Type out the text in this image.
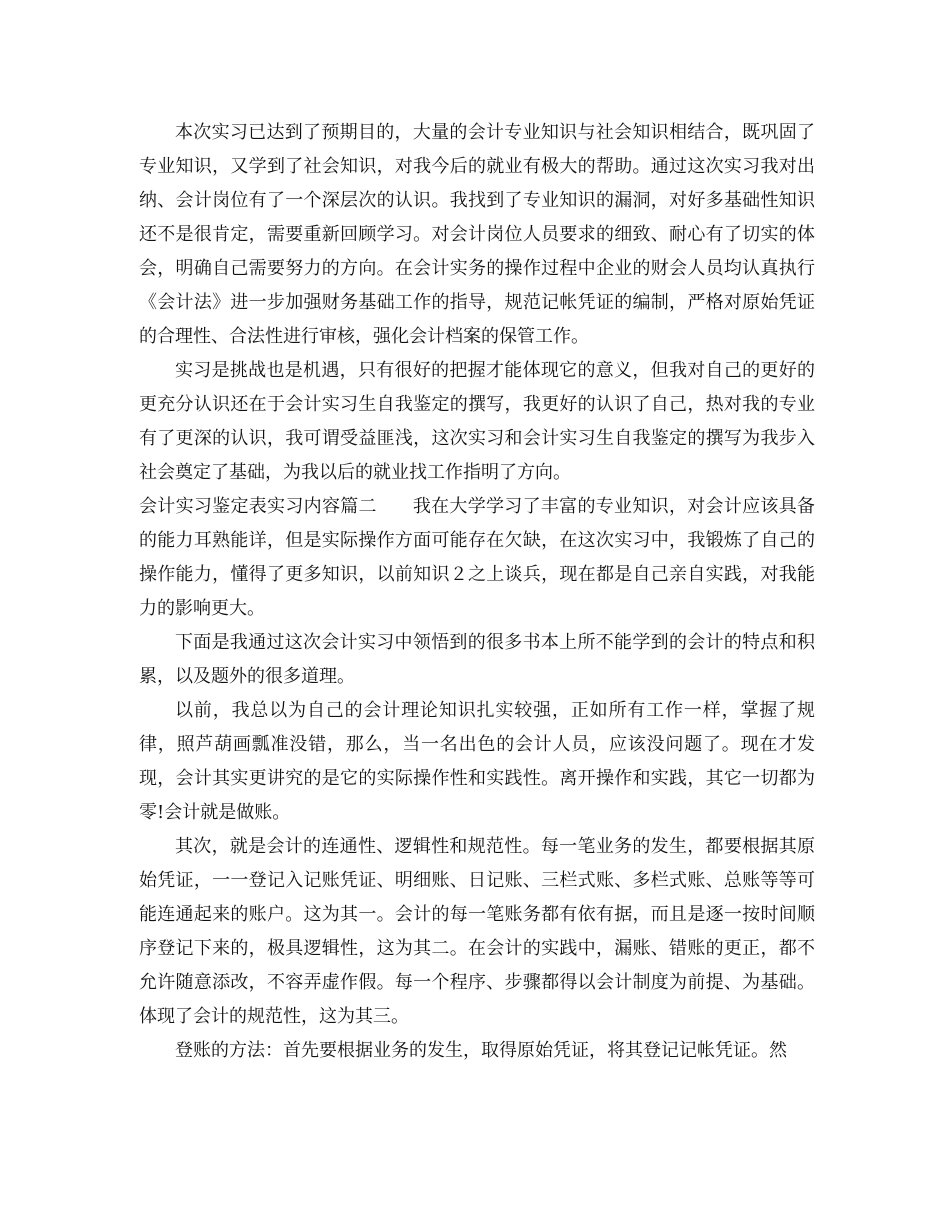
本次实习已达到了预期目的，大量的会计专业知识与社会知识相结合，既巩固了专业知识，又学到了社会知识，对我今后的就业有极大的帮助。通过这次实习我对出纳、会计岗位有了一个深层次的认识。我找到了专业知识的漏洞，对好多基础性知识还不是很肯定，需要重新回顾学习。对会计岗位人员要求的细致、耐心有了切实的体会，明确自己需要努力的方向。在会计实务的操作过程中企业的财会人员均认真执行《会计法》进一步加强财务基础工作的指导，规范记帐凭证的编制，严格对原始凭证的合理性、合法性进行审核，强化会计档案的保管工作。

实习是挑战也是机遇，只有很好的把握才能体现它的意义，但我对自己的更好的更充分认识还在于会计实习生自我鉴定的撰写，我更好的认识了自己，热对我的专业有了更深的认识，我可谓受益匪浅，这次实习和会计实习生自我鉴定的撰写为我步入社会奠定了基础，为我以后的就业找工作指明了方向。

会计实习鉴定表实习内容篇二 我在大学学习了丰富的专业知识，对会计应该具备的能力耳熟能详，但是实际操作方面可能存在欠缺，在这次实习中，我锻炼了自己的操作能力，懂得了更多知识，以前知识２之上谈兵，现在都是自己亲自实践，对我能力的影响更大。

下面是我通过这次会计实习中领悟到的很多书本上所不能学到的会计的特点和积累，以及题外的很多道理。

以前，我总以为自己的会计理论知识扎实较强，正如所有工作一样，掌握了规律，照芦葫画瓢准没错，那么，当一名出色的会计人员，应该没问题了。现在才发现，会计其实更讲究的是它的实际操作性和实践性。离开操作和实践，其它一切都为零!会计就是做账。

其次，就是会计的连通性、逻辑性和规范性。每一笔业务的发生，都要根据其原始凭证，一一登记入记账凭证、明细账、日记账、三栏式账、多栏式账、总账等等可能连通起来的账户。这为其一。会计的每一笔账务都有依有据，而且是逐一按时间顺序登记下来的，极具逻辑性，这为其二。在会计的实践中，漏账、错账的更正，都不允许随意添改，不容弄虚作假。每一个程序、步骤都得以会计制度为前提、为基础。体现了会计的规范性，这为其三。

登账的方法：首先要根据业务的发生，取得原始凭证，将其登记记帐凭证。然
